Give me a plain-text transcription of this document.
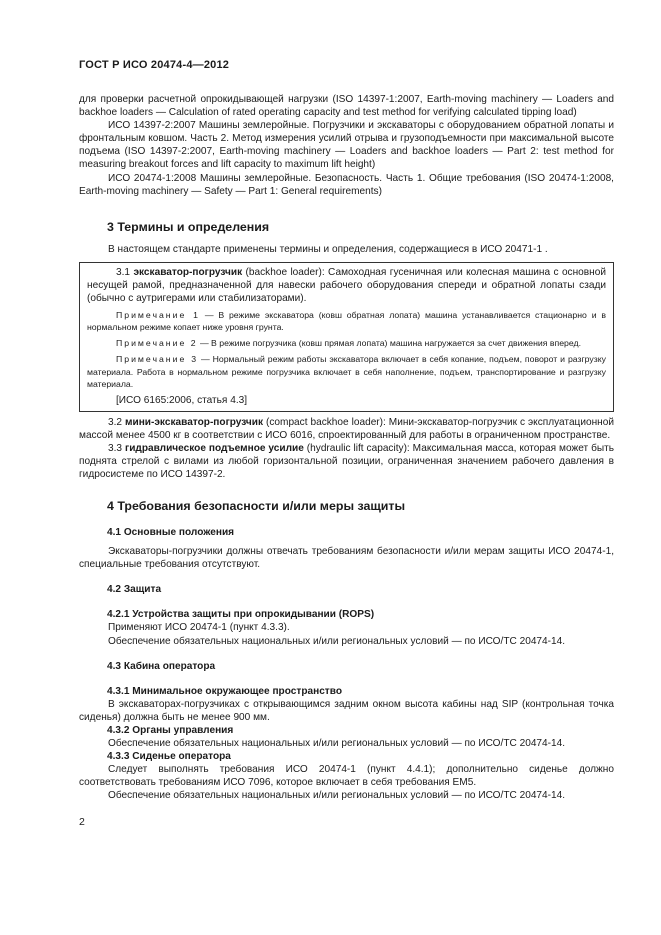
ГОСТ Р ИСО 20474-4—2012

для проверки расчетной опрокидывающей нагрузки (ISO 14397-1:2007, Earth-moving machinery — Loaders and backhoe loaders — Calculation of rated operating capacity and test method for verifying calculated tipping load)

ИСО 14397-2:2007 Машины землеройные. Погрузчики и экскаваторы с оборудованием обратной лопаты и фронтальным ковшом. Часть 2. Метод измерения усилий отрыва и грузоподъемности при максимальной высоте подъема (ISO 14397-2:2007, Earth-moving machinery — Loaders and backhoe loaders — Part 2: test method for measuring breakout forces and lift capacity to maximum lift height)

ИСО 20474-1:2008 Машины землеройные. Безопасность. Часть 1. Общие требования (ISO 20474-1:2008, Earth-moving machinery — Safety — Part 1: General requirements)

3 Термины и определения

В настоящем стандарте применены термины и определения, содержащиеся в ИСО 20471-1 .

3.1 экскаватор-погрузчик (backhoe loader): Самоходная гусеничная или колесная машина с основной несущей рамой, предназначенной для навески рабочего оборудования спереди и обратной лопаты сзади (обычно с аутригерами или стабилизаторами).

Примечание 1 — В режиме экскаватора (ковш обратная лопата) машина устанавливается стационарно и в нормальном режиме копает ниже уровня грунта.

Примечание 2 — В режиме погрузчика (ковш прямая лопата) машина нагружается за счет движения вперед.

Примечание 3 — Нормальный режим работы экскаватора включает в себя копание, подъем, поворот и разгрузку материала. Работа в нормальном режиме погрузчика включает в себя наполнение, подъем, транспортирование и разгрузку материала.

[ИСО 6165:2006, статья 4.3]

3.2 мини-экскаватор-погрузчик (compact backhoe loader): Мини-экскаватор-погрузчик с эксплуатационной массой менее 4500 кг в соответствии с ИСО 6016, спроектированный для работы в ограниченном пространстве.

3.3 гидравлическое подъемное усилие (hydraulic lift capacity): Максимальная масса, которая может быть поднята стрелой с вилами из любой горизонтальной позиции, ограниченная значением рабочего давления в гидросистеме по ИСО 14397-2.

4 Требования безопасности и/или меры защиты
4.1 Основные положения

Экскаваторы-погрузчики должны отвечать требованиям безопасности и/или мерам защиты ИСО 20474-1, специальные требования отсутствуют.

4.2 Защита
4.2.1 Устройства защиты при опрокидывании (ROPS)

Применяют ИСО 20474-1 (пункт 4.3.3).

Обеспечение обязательных национальных и/или региональных условий — по ИСО/ТС 20474-14.

4.3 Кабина оператора
4.3.1 Минимальное окружающее пространство

В экскаваторах-погрузчиках с открывающимся задним окном высота кабины над SIP (контрольная точка сиденья) должна быть не менее 900 мм.

4.3.2 Органы управления

Обеспечение обязательных национальных и/или региональных условий — по ИСО/ТС 20474-14.

4.3.3 Сиденье оператора

Следует выполнять требования ИСО 20474-1 (пункт 4.4.1); дополнительно сиденье должно соответствовать требованиям ИСО 7096, которое включает в себя требования ЕМ5.

Обеспечение обязательных национальных и/или региональных условий — по ИСО/ТС 20474-14.

2
